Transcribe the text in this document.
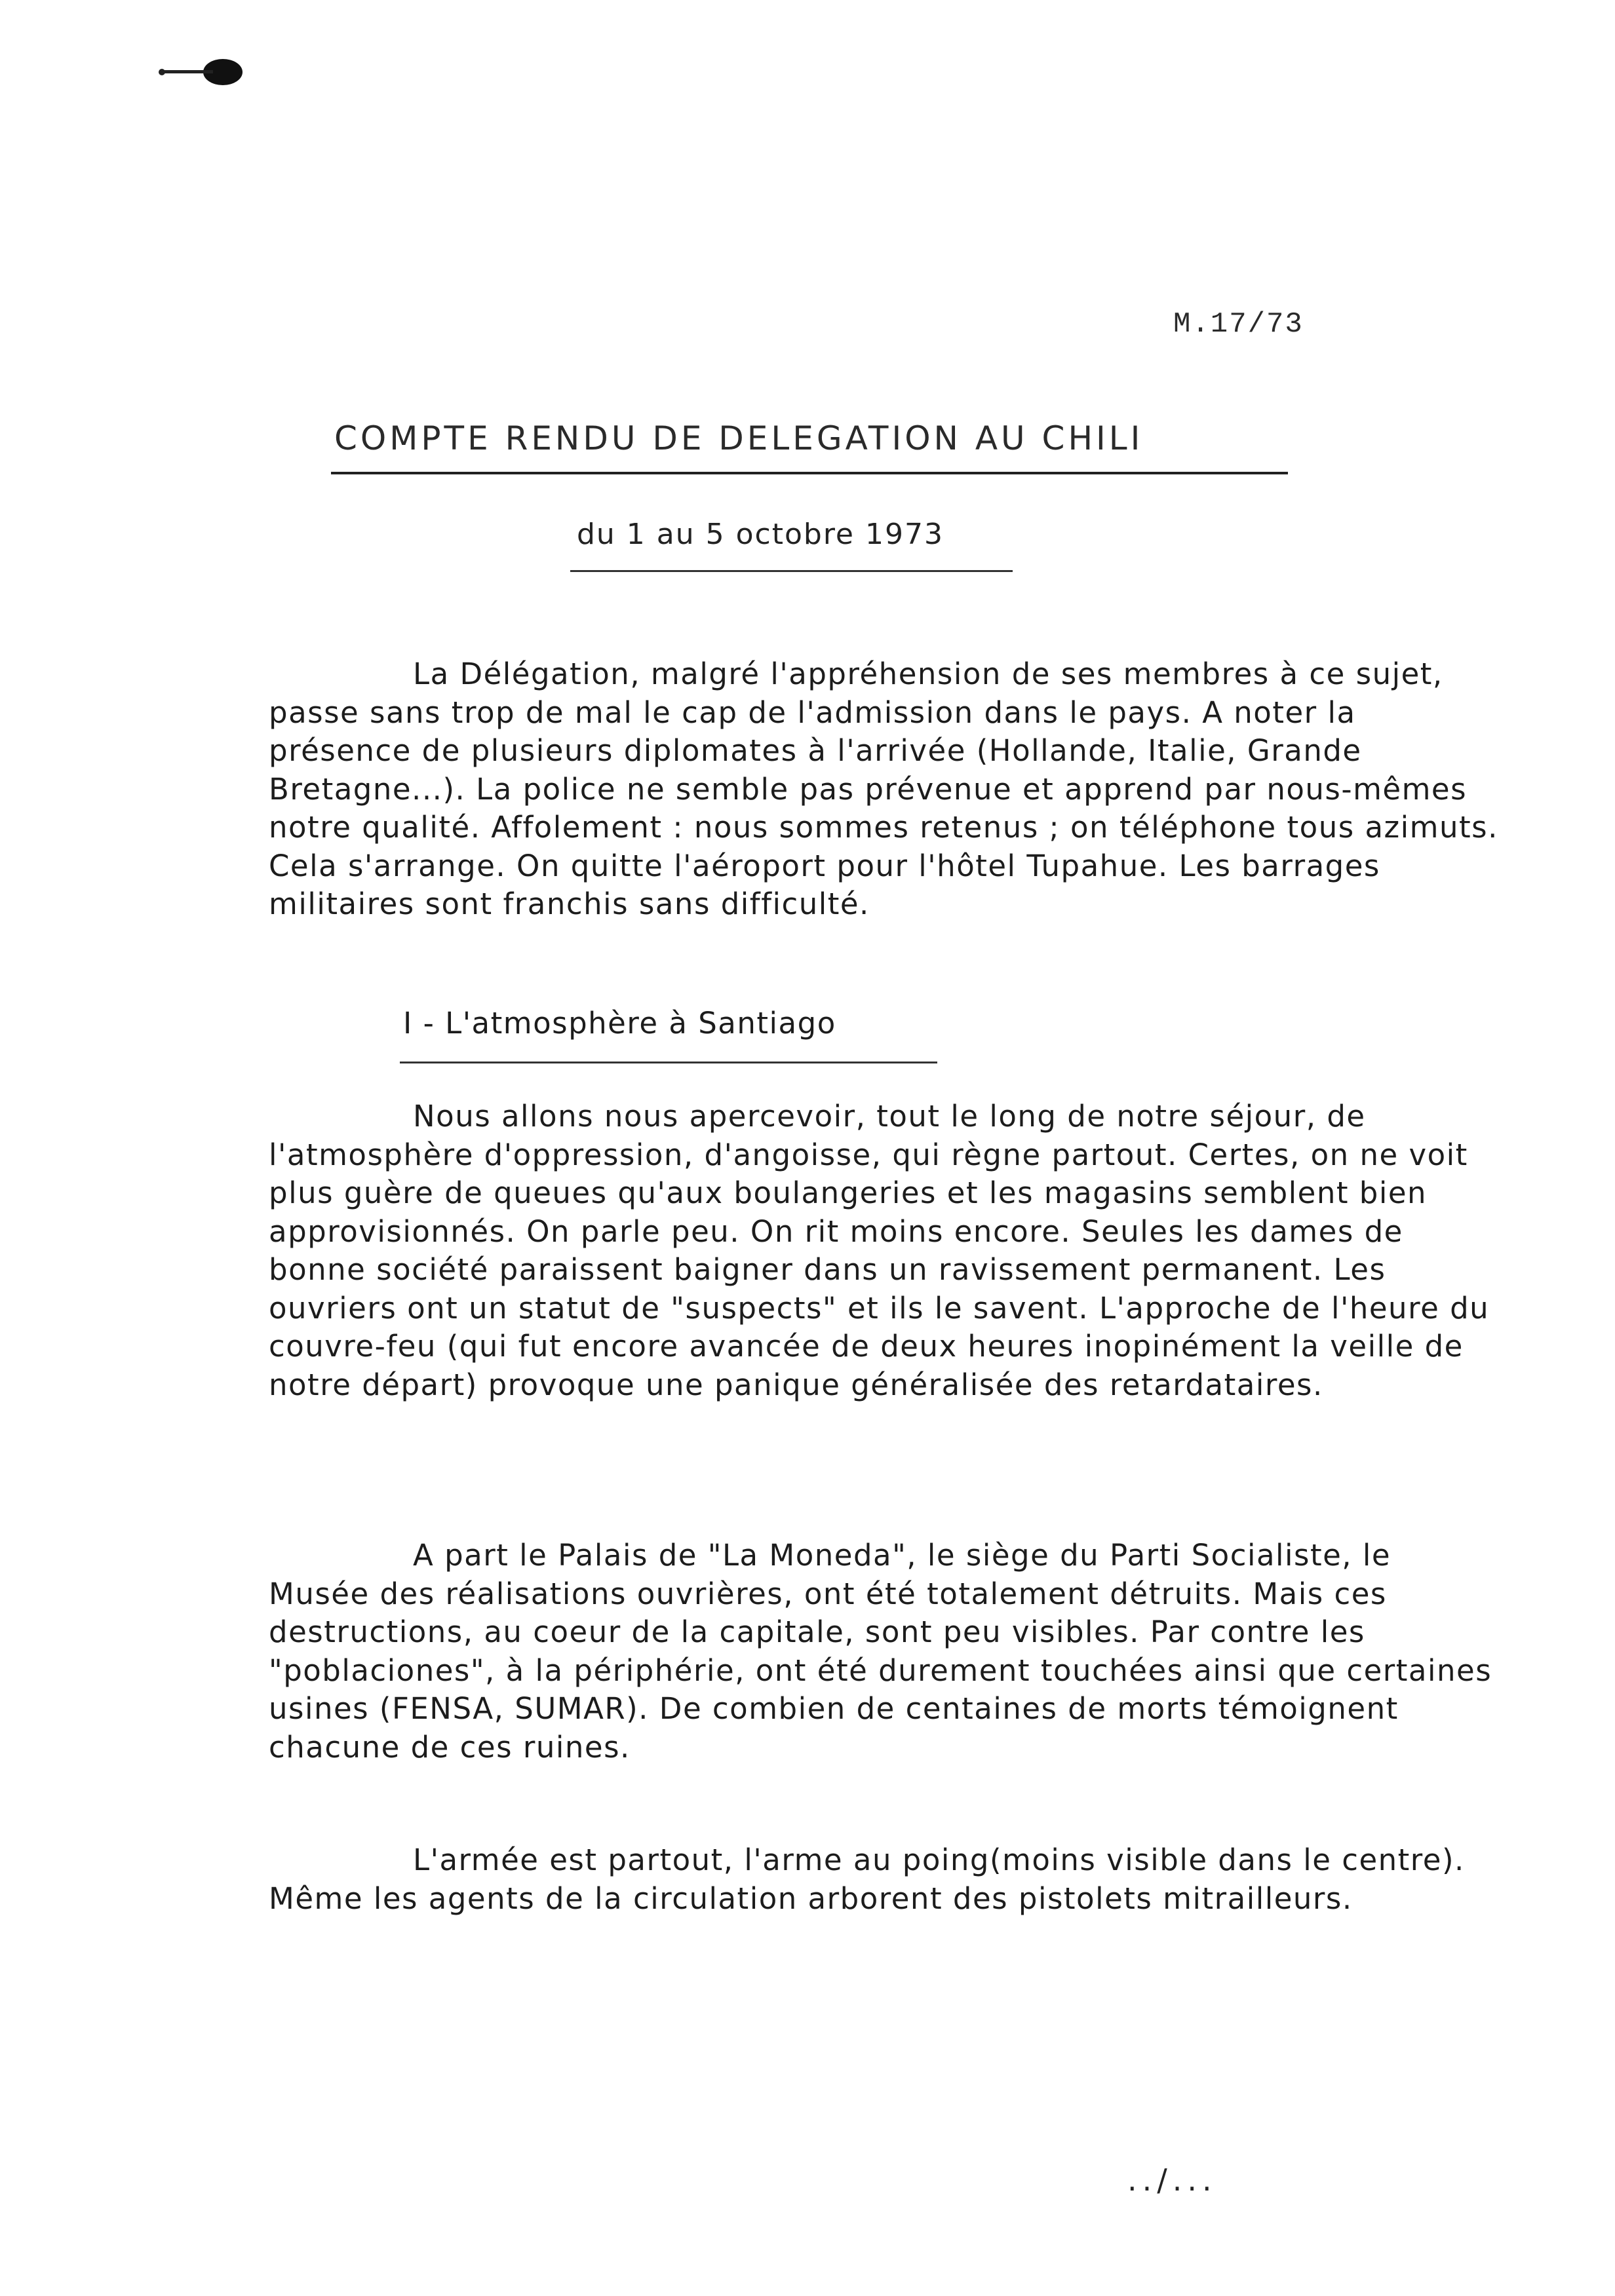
M.17/73
COMPTE RENDU DE DELEGATION AU CHILI
du 1 au 5 octobre 1973

La Délégation, malgré l'appréhension de ses membres à ce sujet, passe sans trop de mal le cap de l'admission dans le pays. A noter la présence de plusieurs diplomates à l'arrivée (Hollande, Italie, Grande Bretagne...). La police ne semble pas prévenue et apprend par nous-mêmes notre qualité. Affolement : nous sommes retenus ; on téléphone tous azimuts. Cela s'arrange. On quitte l'aéroport pour l'hôtel Tupahue. Les barrages militaires sont franchis sans difficulté.

I - L'atmosphère à Santiago

Nous allons nous apercevoir, tout le long de notre séjour, de l'atmosphère d'oppression, d'angoisse, qui règne partout. Certes, on ne voit plus guère de queues qu'aux boulangeries et les magasins semblent bien approvisionnés. On parle peu. On rit moins encore. Seules les dames de bonne société paraissent baigner dans un ravissement permanent. Les ouvriers ont un statut de "suspects" et ils le savent. L'approche de l'heure du couvre-feu (qui fut encore avancée de deux heures inopinément la veille de notre départ) provoque une panique généralisée des retardataires.

A part le Palais de "La Moneda", le siège du Parti Socialiste, le Musée des réalisations ouvrières, ont été totalement détruits. Mais ces destructions, au coeur de la capitale, sont peu visibles. Par contre les "poblaciones", à la périphérie, ont été durement touchées ainsi que certaines usines (FENSA, SUMAR). De combien de centaines de morts témoignent chacune de ces ruines.

L'armée est partout, l'arme au poing(moins visible dans le centre). Même les agents de la circulation arborent des pistolets mitrailleurs.

../...
